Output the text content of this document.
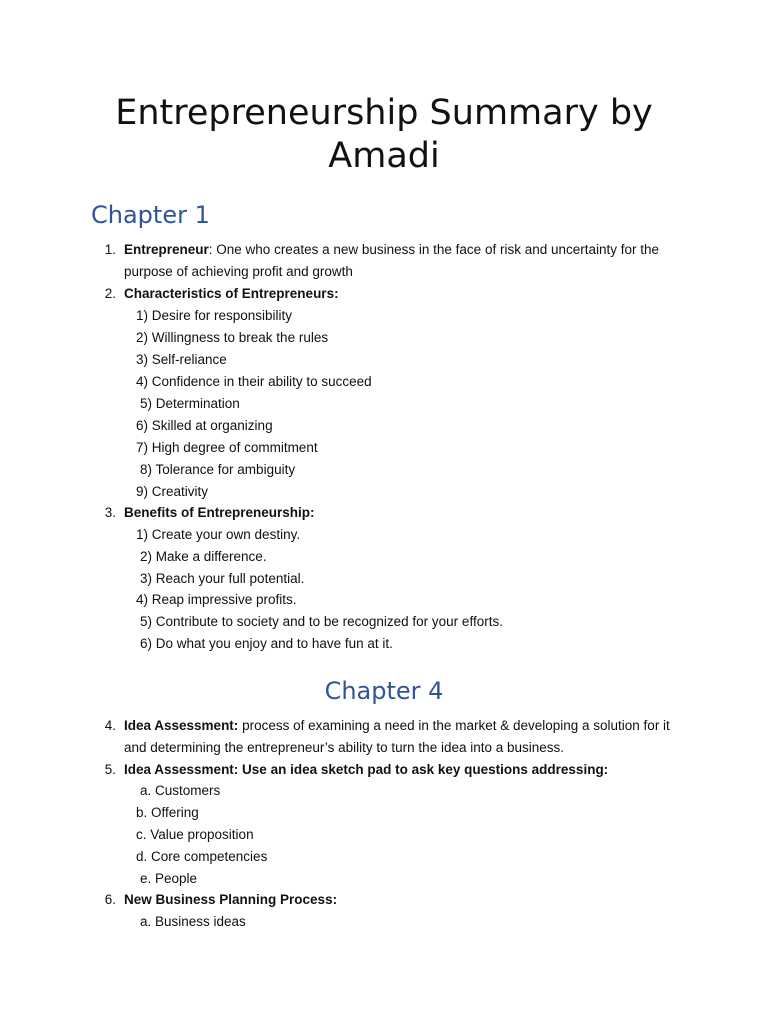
Entrepreneurship Summary by
Amadi
Chapter 1
1. Entrepreneur: One who creates a new business in the face of risk and uncertainty for the
purpose of achieving profit and growth
2. Characteristics of Entrepreneurs:
1) Desire for responsibility
2) Willingness to break the rules
3) Self-reliance
4) Confidence in their ability to succeed
5) Determination
6) Skilled at organizing
7) High degree of commitment
8) Tolerance for ambiguity
9) Creativity
3. Benefits of Entrepreneurship:
1) Create your own destiny.
2) Make a difference.
3) Reach your full potential.
4) Reap impressive profits.
5) Contribute to society and to be recognized for your efforts.
6) Do what you enjoy and to have fun at it.
Chapter 4
4. Idea Assessment: process of examining a need in the market & developing a solution for it
and determining the entrepreneur’s ability to turn the idea into a business.
5. Idea Assessment: Use an idea sketch pad to ask key questions addressing:
a. Customers
b. Offering
c. Value proposition
d. Core competencies
e. People
6. New Business Planning Process:
a. Business ideas
